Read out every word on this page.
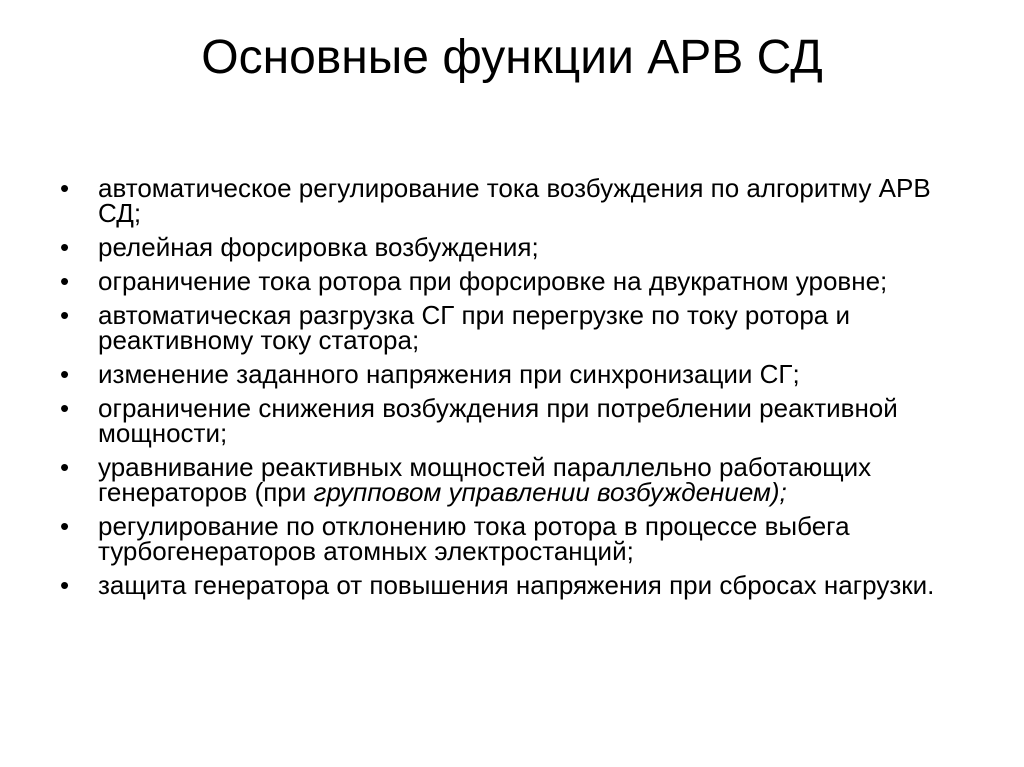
Основные функции АРВ СД
•	автоматическое регулирование тока возбуждения по алгоритму АРВ СД;
•	релейная форсировка возбуждения;
•	ограничение тока ротора при форсировке на двукратном уровне;
•	автоматическая разгрузка СГ при перегрузке по току ротора и реактивному току статора;
•	изменение заданного напряжения при синхронизации СГ;
•	ограничение снижения возбуждения при потреблении реактивной мощности;
•	уравнивание реактивных мощностей параллельно работающих генераторов (при групповом управлении возбуждением);
•	регулирование по отклонению тока ротора в процессе выбега турбогенераторов атомных электростанций;
•	защита генератора от повышения напряжения при сбросах нагрузки.
